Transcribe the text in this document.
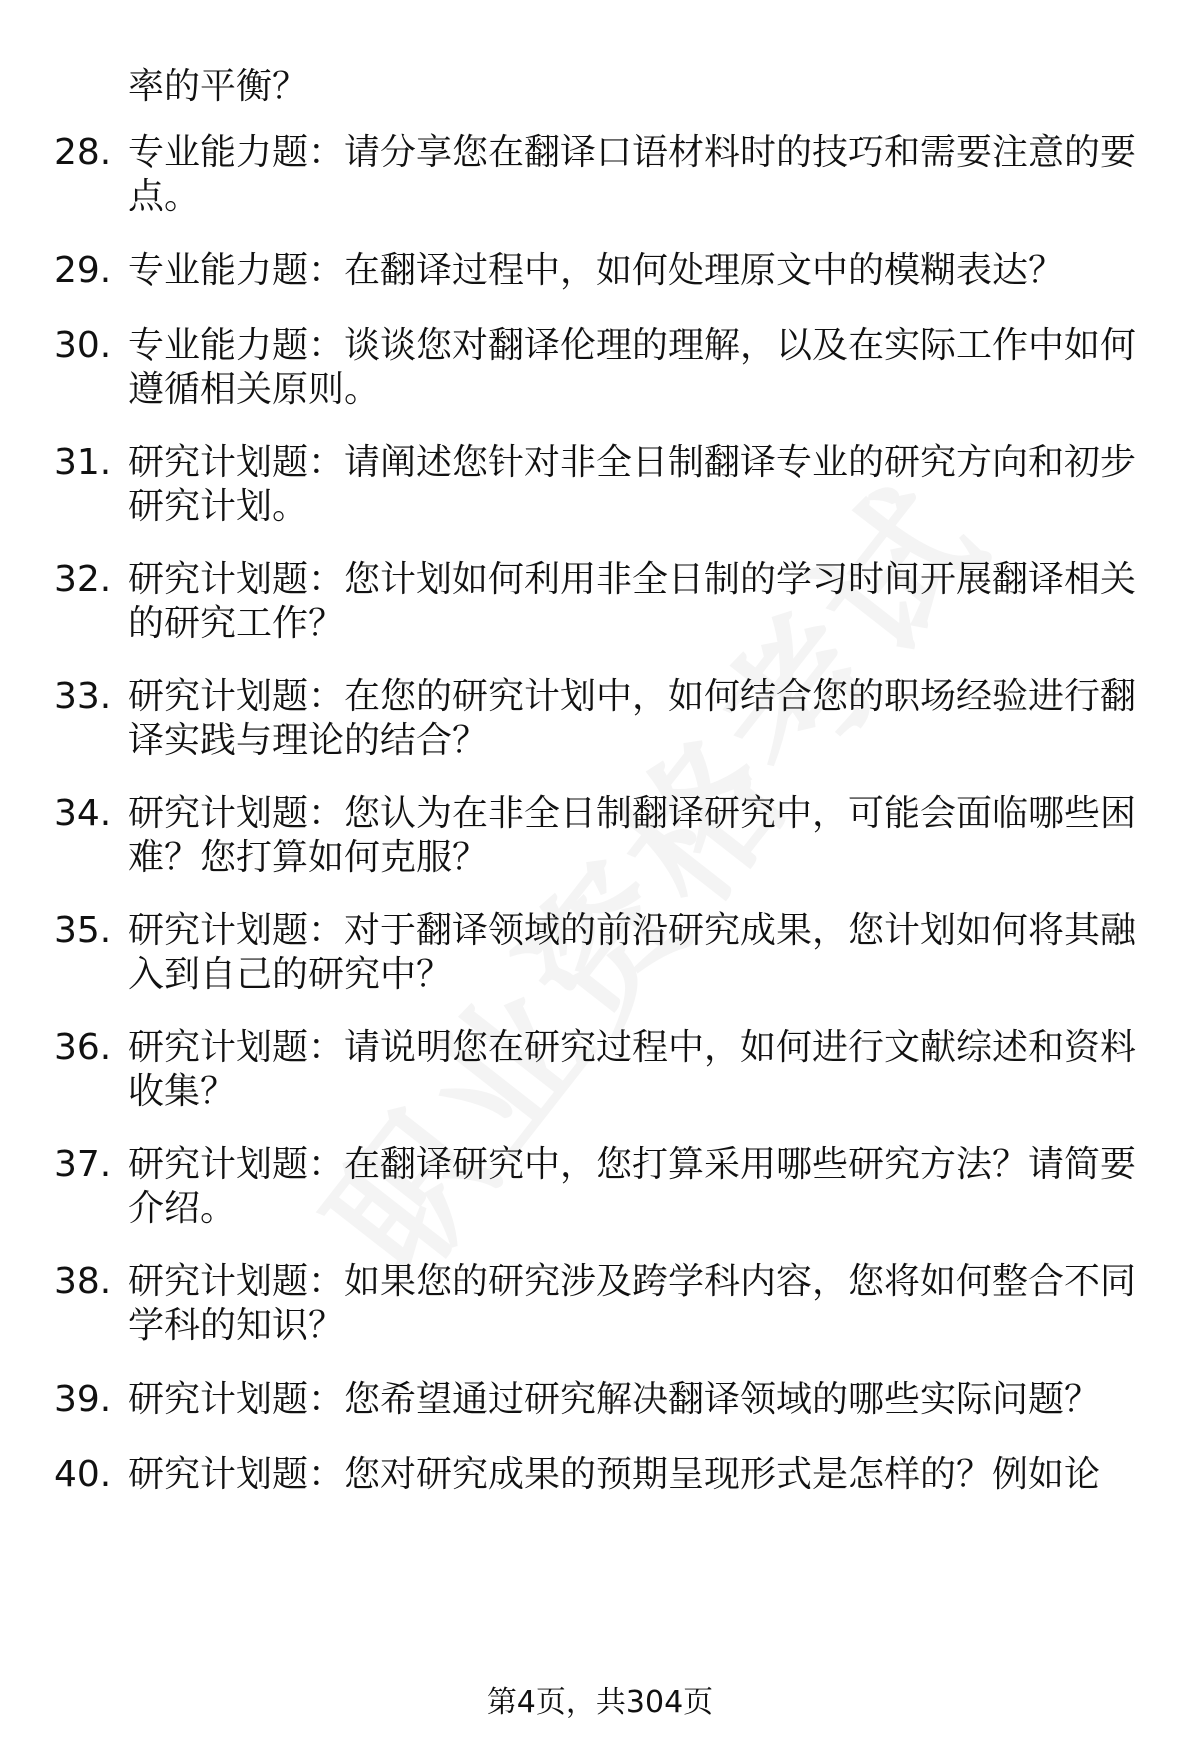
率的平衡？
28. 专业能力题：请分享您在翻译口语材料时的技巧和需要注意的要
点。
29. 专业能力题：在翻译过程中，如何处理原文中的模糊表达？
30. 专业能力题：谈谈您对翻译伦理的理解，以及在实际工作中如何
遵循相关原则。
31. 研究计划题：请阐述您针对非全日制翻译专业的研究方向和初步
研究计划。
32. 研究计划题：您计划如何利用非全日制的学习时间开展翻译相关
的研究工作？
33. 研究计划题：在您的研究计划中，如何结合您的职场经验进行翻
译实践与理论的结合？
34. 研究计划题：您认为在非全日制翻译研究中，可能会面临哪些困
难？您打算如何克服？
35. 研究计划题：对于翻译领域的前沿研究成果，您计划如何将其融
入到自己的研究中？
36. 研究计划题：请说明您在研究过程中，如何进行文献综述和资料
收集？
37. 研究计划题：在翻译研究中，您打算采用哪些研究方法？请简要
介绍。
38. 研究计划题：如果您的研究涉及跨学科内容，您将如何整合不同
学科的知识？
39. 研究计划题：您希望通过研究解决翻译领域的哪些实际问题？
40. 研究计划题：您对研究成果的预期呈现形式是怎样的？例如论
第4页，共304页
